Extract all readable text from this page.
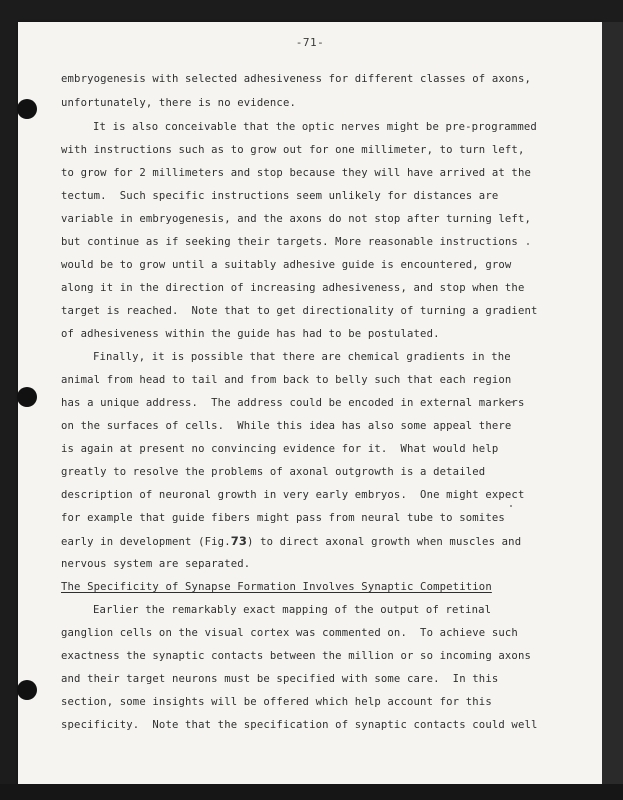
-71-
embryogenesis with selected adhesiveness for different classes of axons,
unfortunately, there is no evidence.
It is also conceivable that the optic nerves might be pre-programmed
with instructions such as to grow out for one millimeter, to turn left,
to grow for 2 millimeters and stop because they will have arrived at the
tectum.  Such specific instructions seem unlikely for distances are
variable in embryogenesis, and the axons do not stop after turning left,
but continue as if seeking their targets. More reasonable instructions
would be to grow until a suitably adhesive guide is encountered, grow
along it in the direction of increasing adhesiveness, and stop when the
target is reached.  Note that to get directionality of turning a gradient
of adhesiveness within the guide has had to be postulated.
Finally, it is possible that there are chemical gradients in the
animal from head to tail and from back to belly such that each region
has a unique address.  The address could be encoded in external markers
on the surfaces of cells.  While this idea has also some appeal there
is again at present no convincing evidence for it.  What would help
greatly to resolve the problems of axonal outgrowth is a detailed
description of neuronal growth in very early embryos.  One might expect
for example that guide fibers might pass from neural tube to somites
early in development (Fig.73) to direct axonal growth when muscles and
nervous system are separated.
The Specificity of Synapse Formation Involves Synaptic Competition
Earlier the remarkably exact mapping of the output of retinal
ganglion cells on the visual cortex was commented on.  To achieve such
exactness the synaptic contacts between the million or so incoming axons
and their target neurons must be specified with some care.  In this
section, some insights will be offered which help account for this
specificity.  Note that the specification of synaptic contacts could well
